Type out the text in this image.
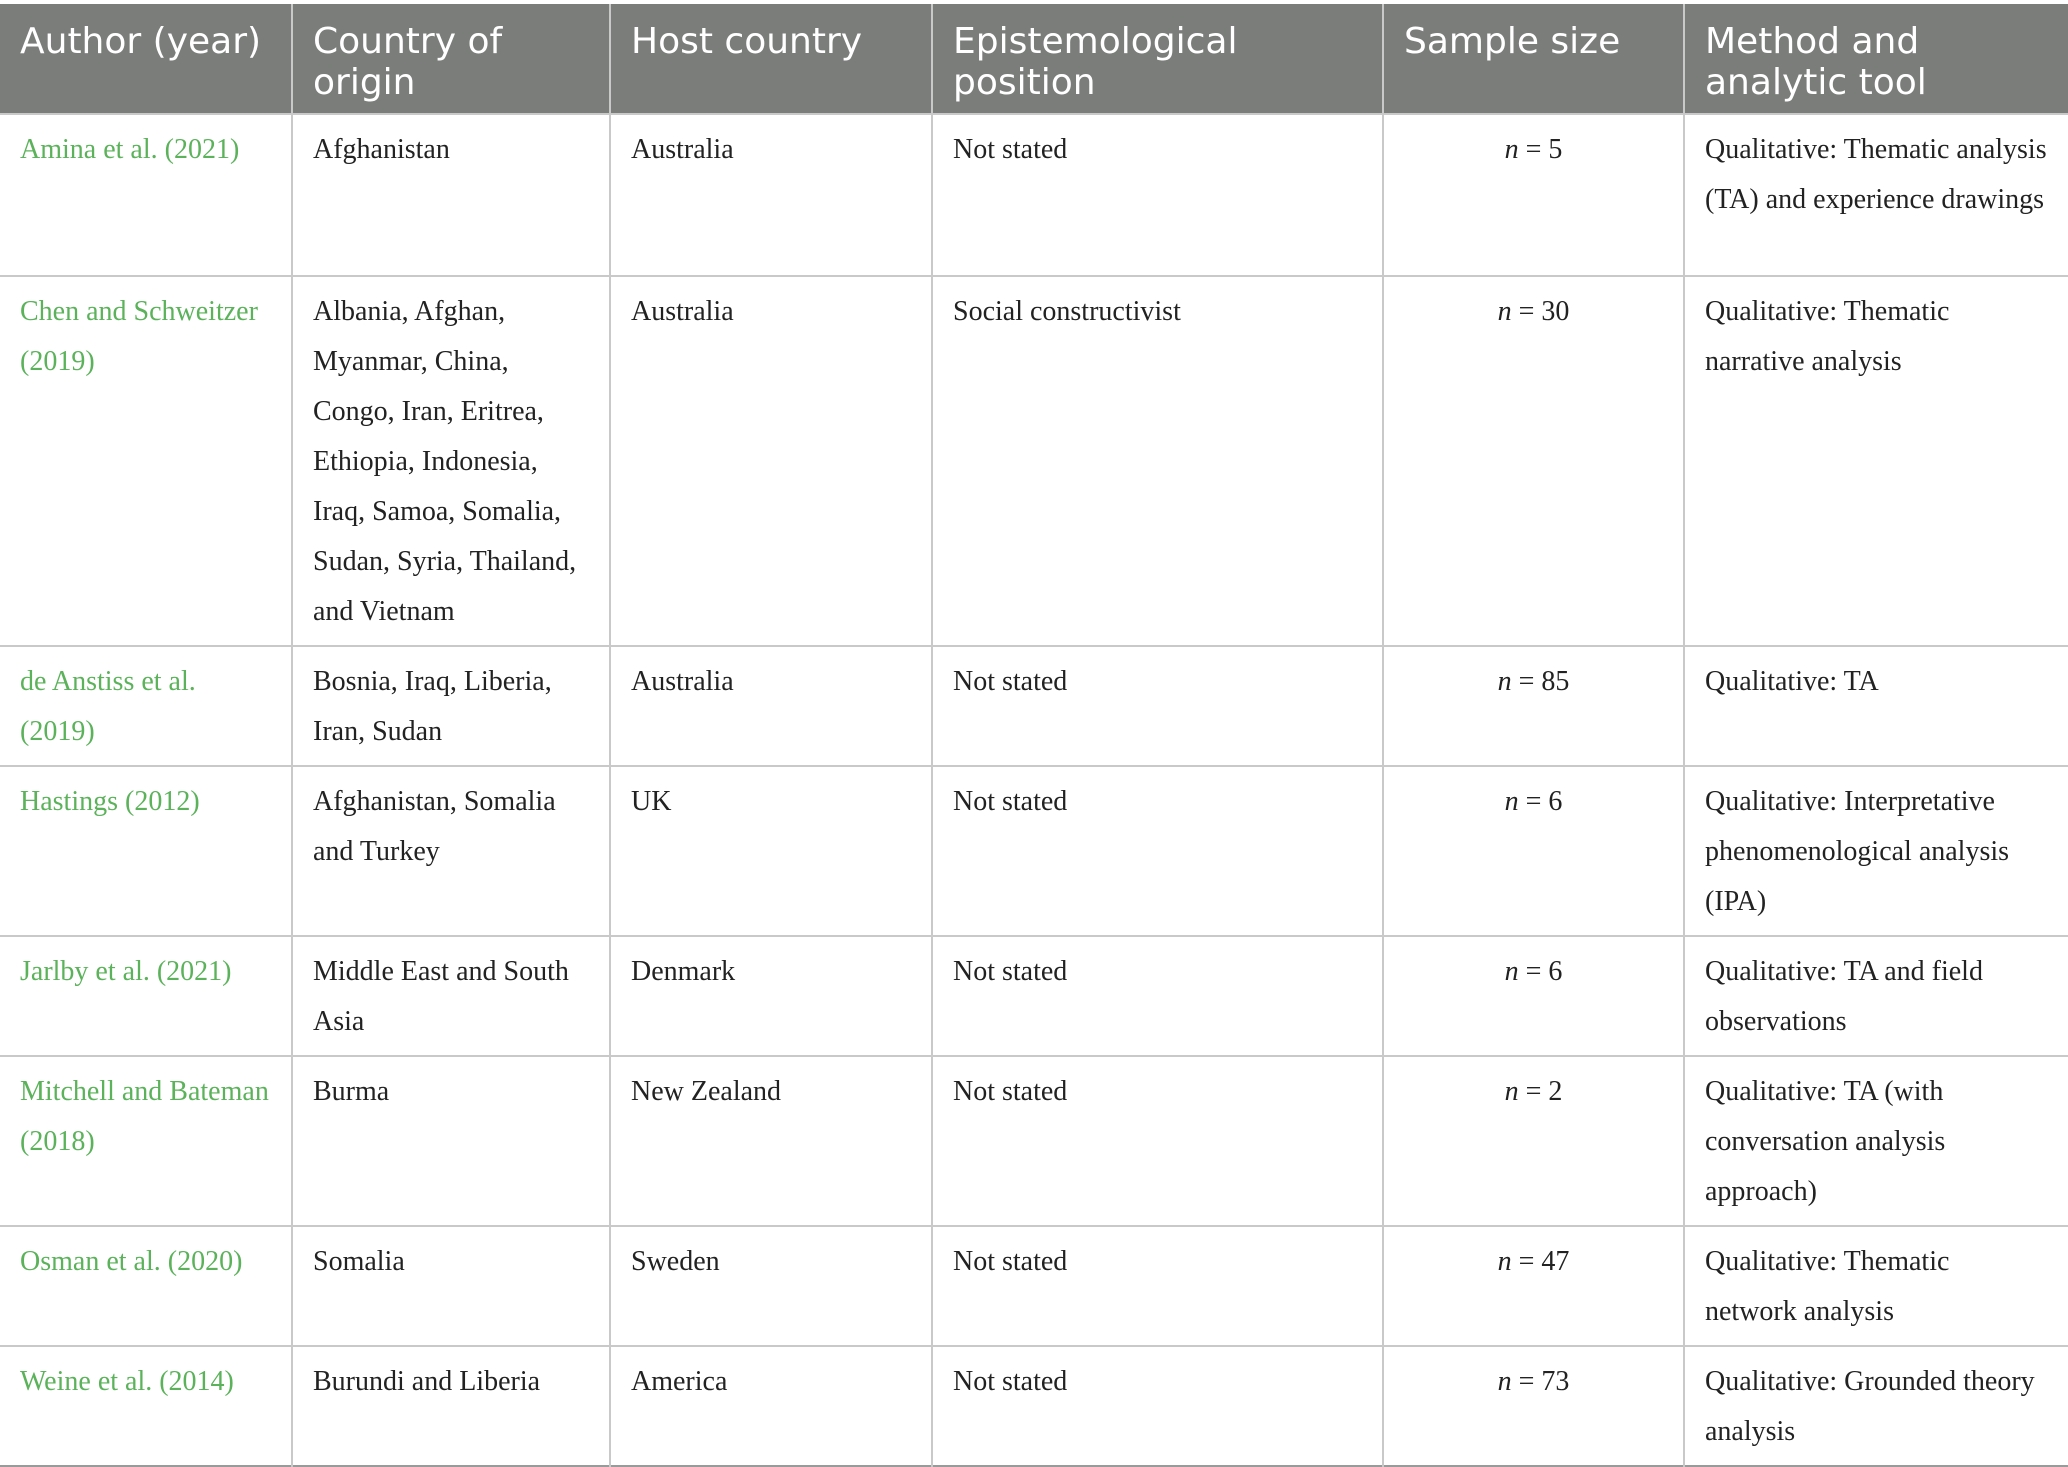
Author (year)	Country of origin	Host country	Epistemological position	Sample size	Method and analytic tool
Amina et al. (2021)	Afghanistan	Australia	Not stated	n = 5	Qualitative: Thematic analysis (TA) and experience drawings
Chen and Schweitzer (2019)	Albania, Afghan, Myanmar, China, Congo, Iran, Eritrea, Ethiopia, Indonesia, Iraq, Samoa, Somalia, Sudan, Syria, Thailand, and Vietnam	Australia	Social constructivist	n = 30	Qualitative: Thematic narrative analysis
de Anstiss et al. (2019)	Bosnia, Iraq, Liberia, Iran, Sudan	Australia	Not stated	n = 85	Qualitative: TA
Hastings (2012)	Afghanistan, Somalia and Turkey	UK	Not stated	n = 6	Qualitative: Interpretative phenomenological analysis (IPA)
Jarlby et al. (2021)	Middle East and South Asia	Denmark	Not stated	n = 6	Qualitative: TA and field observations
Mitchell and Bateman (2018)	Burma	New Zealand	Not stated	n = 2	Qualitative: TA (with conversation analysis approach)
Osman et al. (2020)	Somalia	Sweden	Not stated	n = 47	Qualitative: Thematic network analysis
Weine et al. (2014)	Burundi and Liberia	America	Not stated	n = 73	Qualitative: Grounded theory analysis
